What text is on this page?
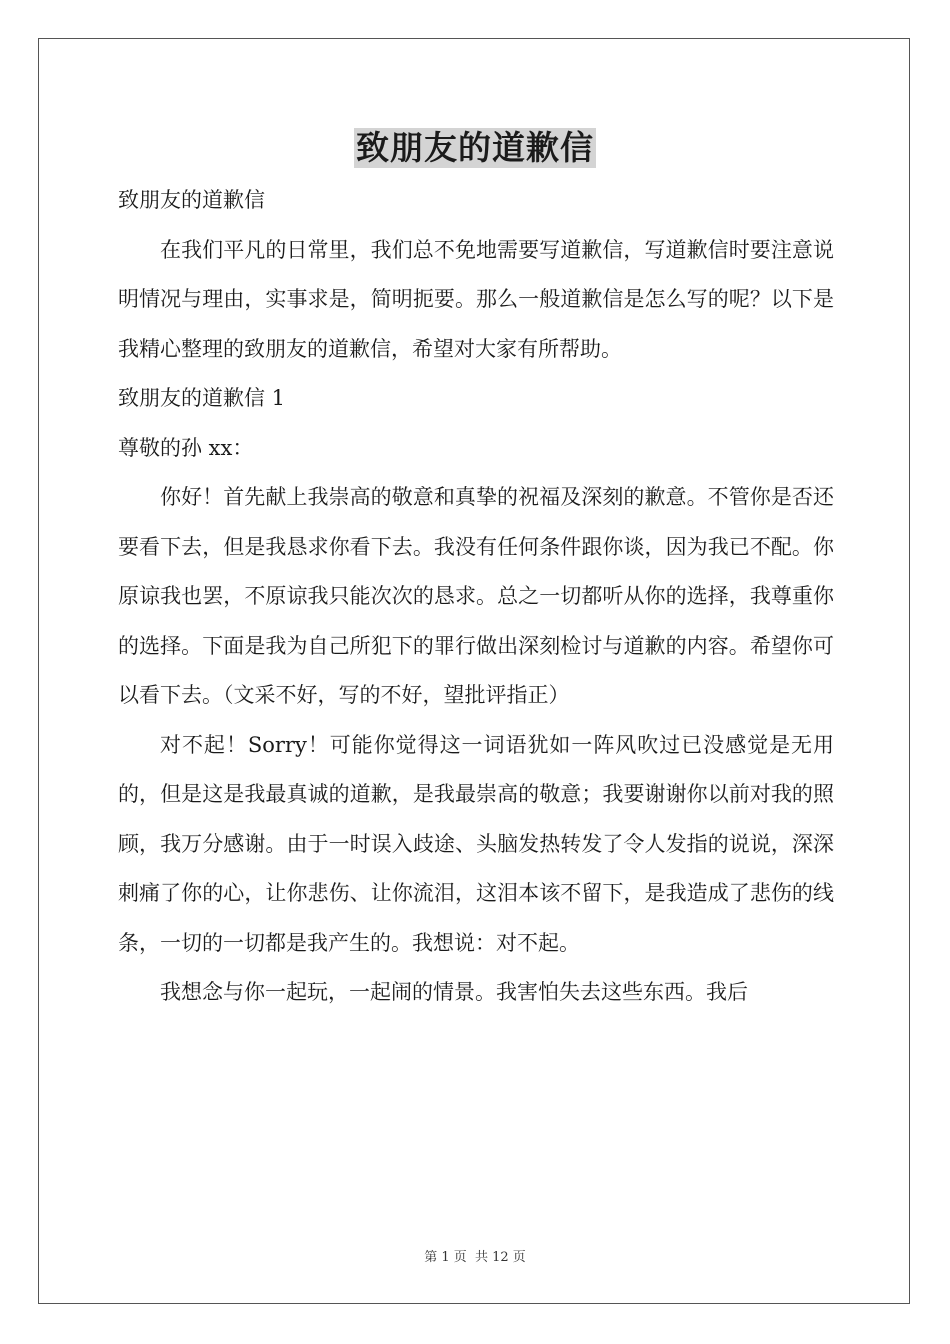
致朋友的道歉信

致朋友的道歉信

在我们平凡的日常里，我们总不免地需要写道歉信，写道歉信时要注意说明情况与理由，实事求是，简明扼要。那么一般道歉信是怎么写的呢？以下是我精心整理的致朋友的道歉信，希望对大家有所帮助。

致朋友的道歉信 1

尊敬的孙 xx：

你好！首先献上我崇高的敬意和真挚的祝福及深刻的歉意。不管你是否还要看下去，但是我恳求你看下去。我没有任何条件跟你谈，因为我已不配。你原谅我也罢，不原谅我只能次次的恳求。总之一切都听从你的选择，我尊重你的选择。下面是我为自己所犯下的罪行做出深刻检讨与道歉的内容。希望你可以看下去。（文采不好，写的不好，望批评指正）

对不起！Sorry！可能你觉得这一词语犹如一阵风吹过已没感觉是无用的，但是这是我最真诚的道歉，是我最崇高的敬意；我要谢谢你以前对我的照顾，我万分感谢。由于一时误入歧途、头脑发热转发了令人发指的说说，深深刺痛了你的心，让你悲伤、让你流泪，这泪本该不留下，是我造成了悲伤的线条，一切的一切都是我产生的。我想说：对不起。

我想念与你一起玩，一起闹的情景。我害怕失去这些东西。我后

第 1 页 共 12 页
